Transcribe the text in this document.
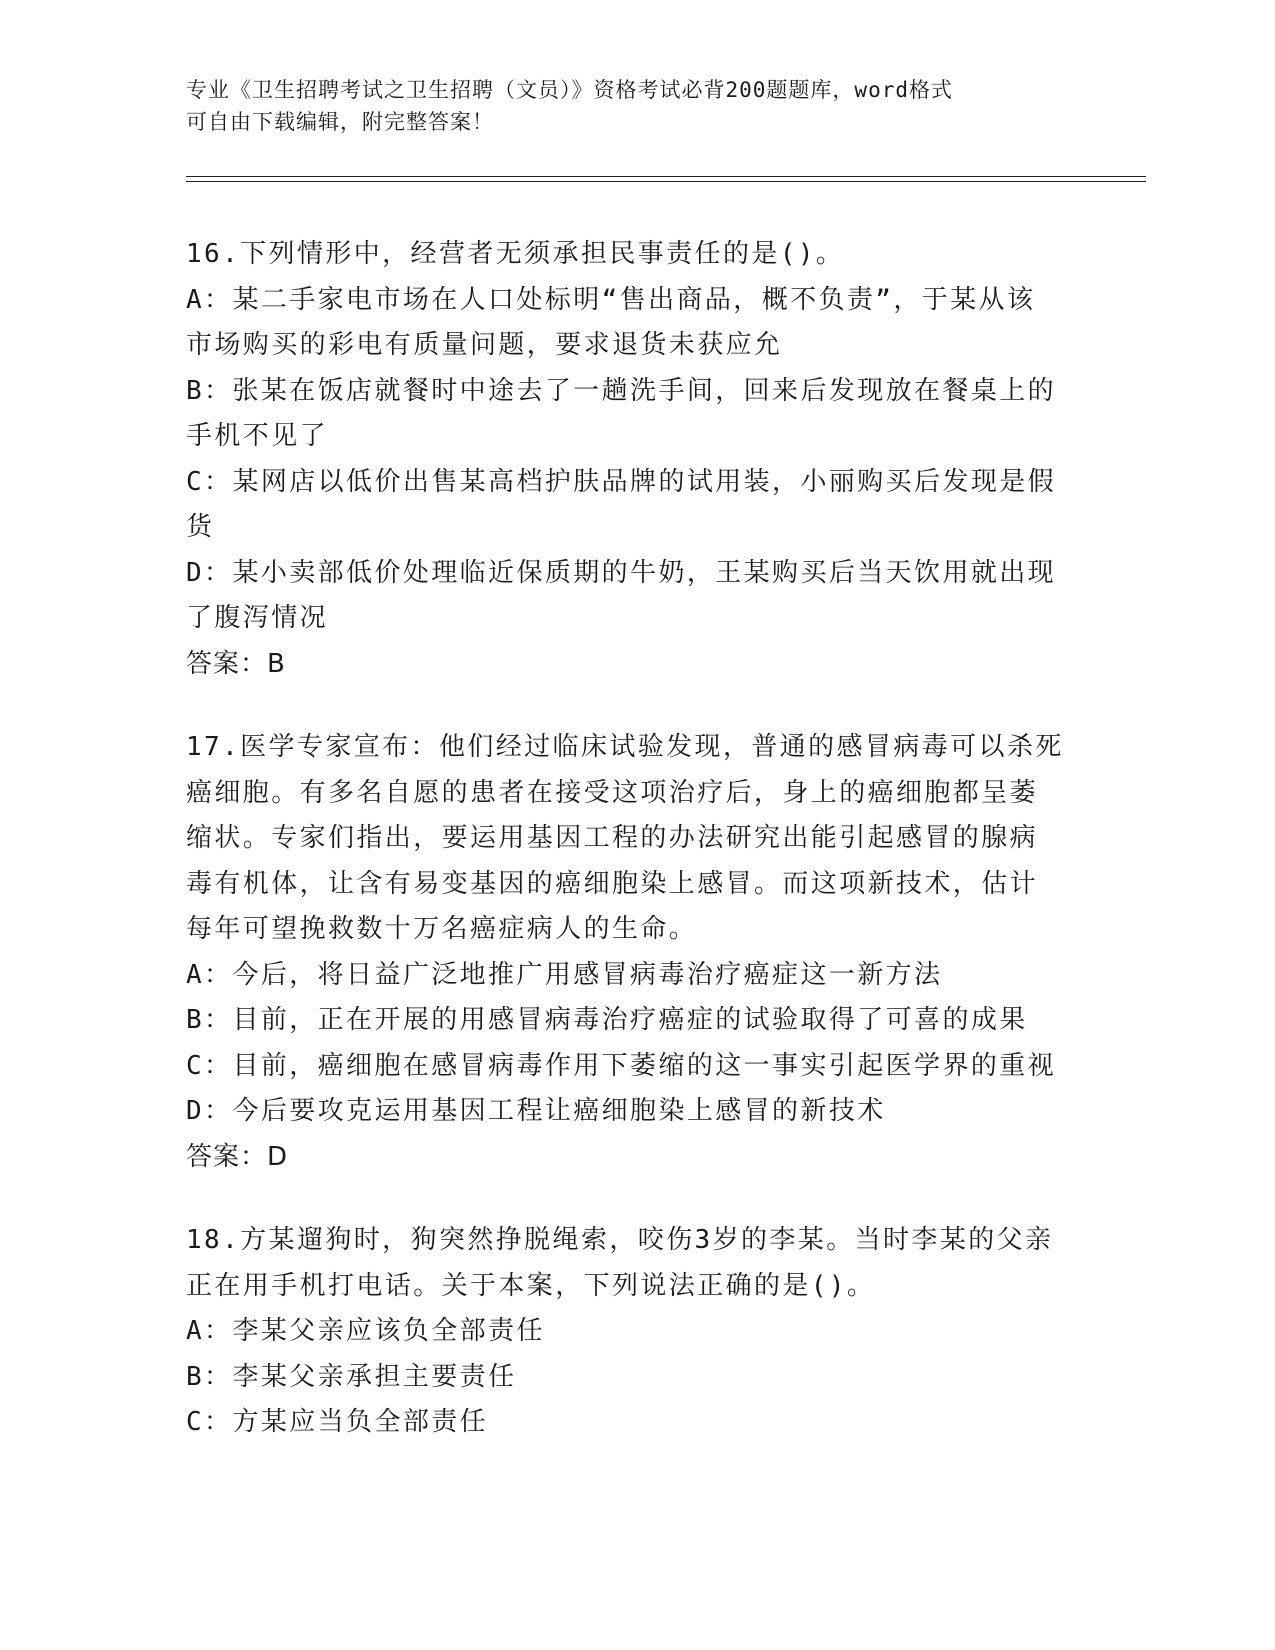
专业《卫生招聘考试之卫生招聘（文员）》资格考试必背200题题库，word格式

可自由下载编辑，附完整答案！

16.下列情形中，经营者无须承担民事责任的是()。

A：某二手家电市场在人口处标明“售出商品，概不负责”，于某从该

市场购买的彩电有质量问题，要求退货未获应允

B：张某在饭店就餐时中途去了一趟洗手间，回来后发现放在餐桌上的

手机不见了

C：某网店以低价出售某高档护肤品牌的试用装，小丽购买后发现是假

货

D：某小卖部低价处理临近保质期的牛奶，王某购买后当天饮用就出现

了腹泻情况

答案：B

17.医学专家宣布：他们经过临床试验发现，普通的感冒病毒可以杀死

癌细胞。有多名自愿的患者在接受这项治疗后，身上的癌细胞都呈萎

缩状。专家们指出，要运用基因工程的办法研究出能引起感冒的腺病

毒有机体，让含有易变基因的癌细胞染上感冒。而这项新技术，估计

每年可望挽救数十万名癌症病人的生命。

A：今后，将日益广泛地推广用感冒病毒治疗癌症这一新方法

B：目前，正在开展的用感冒病毒治疗癌症的试验取得了可喜的成果

C：目前，癌细胞在感冒病毒作用下萎缩的这一事实引起医学界的重视

D：今后要攻克运用基因工程让癌细胞染上感冒的新技术

答案：D

18.方某遛狗时，狗突然挣脱绳索，咬伤3岁的李某。当时李某的父亲

正在用手机打电话。关于本案，下列说法正确的是()。

A：李某父亲应该负全部责任

B：李某父亲承担主要责任

C：方某应当负全部责任
